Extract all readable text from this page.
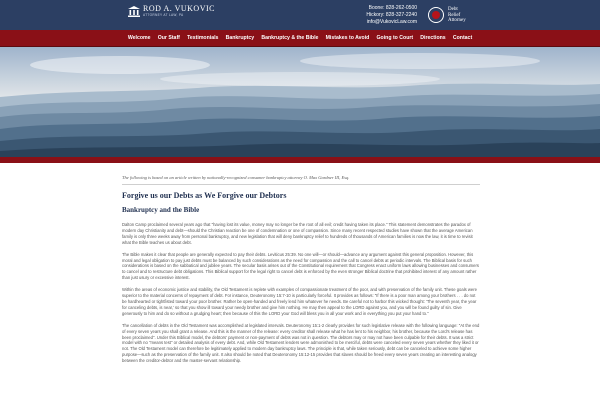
ROD A. VUKOVIC
ATTORNEY AT LAW, PA
Boone: 828-262-0500
Hickory: 828-327-2240
info@VukovicLaw.com
Debt
Relief
Attorney
Welcome Our Staff Testimonials Bankruptcy Bankruptcy & the Bible Mistakes to Avoid Going to Court Directions Contact
The following is based on an article written by nationally-recognized consumer bankruptcy attorney O. Max Gardner III, Esq.
Forgive us our Debts as We Forgive our Debtors
Bankruptcy and the Bible

Dalton Camp proclaimed several years ago that "having lost its value, money may no longer be the root of all evil; credit having taken its place." This statement demonstrates the paradox of modern day Christianity and debt—should the Christian reaction be one of condemnation or one of compassion. Since many recent respected studies have shown that the average American family is only three weeks away from personal bankruptcy, and new legislation that will deny bankruptcy relief to hundreds of thousands of American families is now the law, it is time to revisit what the Bible teaches us about debt.

The Bible makes it clear that people are generally expected to pay their debts. Leviticus 25:39. No one will—or should—advance any argument against this general proposition. However, this moral and legal obligation to pay just debts must be balanced by such considerations as the need for compassion and the call to cancel debts at periodic intervals. The Biblical basis for such considerations is based on the sabbatical and jubilee years. The secular basis arises out of the Constitutional requirement that Congress enact uniform laws allowing businesses and consumers to cancel and to restructure debt obligations. This Biblical support for the legal right to cancel debt is enforced by the even stronger Biblical doctrine that prohibited interest of any amount rather than just usury or excessive interest.

Within the areas of economic justice and stability, the Old Testament is replete with examples of compassionate treatment of the poor, and with preservation of the family unit. These goals were superior to the material concerns of repayment of debt. For instance, Deuteronomy 15:7-10 is particularly forceful. It provides as follows: "If there is a poor man among your brothers . . . do not be hardhearted or tightfisted toward your poor brother. Rather be open-handed and freely lend him whatever he needs. Be careful not to harbor this wicked thought: 'The seventh year, the year for canceling debts, is near,' so that you show ill toward your needy brother and give him nothing. He may then appeal to the LORD against you, and you will be found guilty of sin. Give generously to him and do so without a grudging heart; then because of this the LORD your God will bless you in all your work and in everything you put your hand to."

The cancellation of debts in the Old Testament was accomplished at legislated intervals. Deuteronomy 15:1-2 clearly provides for such legislative release with the following language: "At the end of every seven years you shall grant a release. And this is the manner of the release: every creditor shall release what he has lent to his neighbor, his brother, because the Lord's release has been proclaimed". Under this Biblical model, the debtors' payment or non-payment of debts was not in question. The debtors may or may not have been culpable for their debts. It was a strict model with no "means test" or detailed analysis of every debt. And, while Old Testament lenders were admonished to be merciful, debts were canceled every seven years whether they liked it or not. The Old Testament model can therefore be legitimately applied to modern day bankruptcy laws. The principle is that, while taken seriously, debt can be canceled to achieve some higher purpose—such as the preservation of the family unit. It also should be noted that Deuteronomy 15:12-15 provides that slaves should be freed every seven years creating an interesting analogy between the creditor-debtor and the master-servant relationship.
